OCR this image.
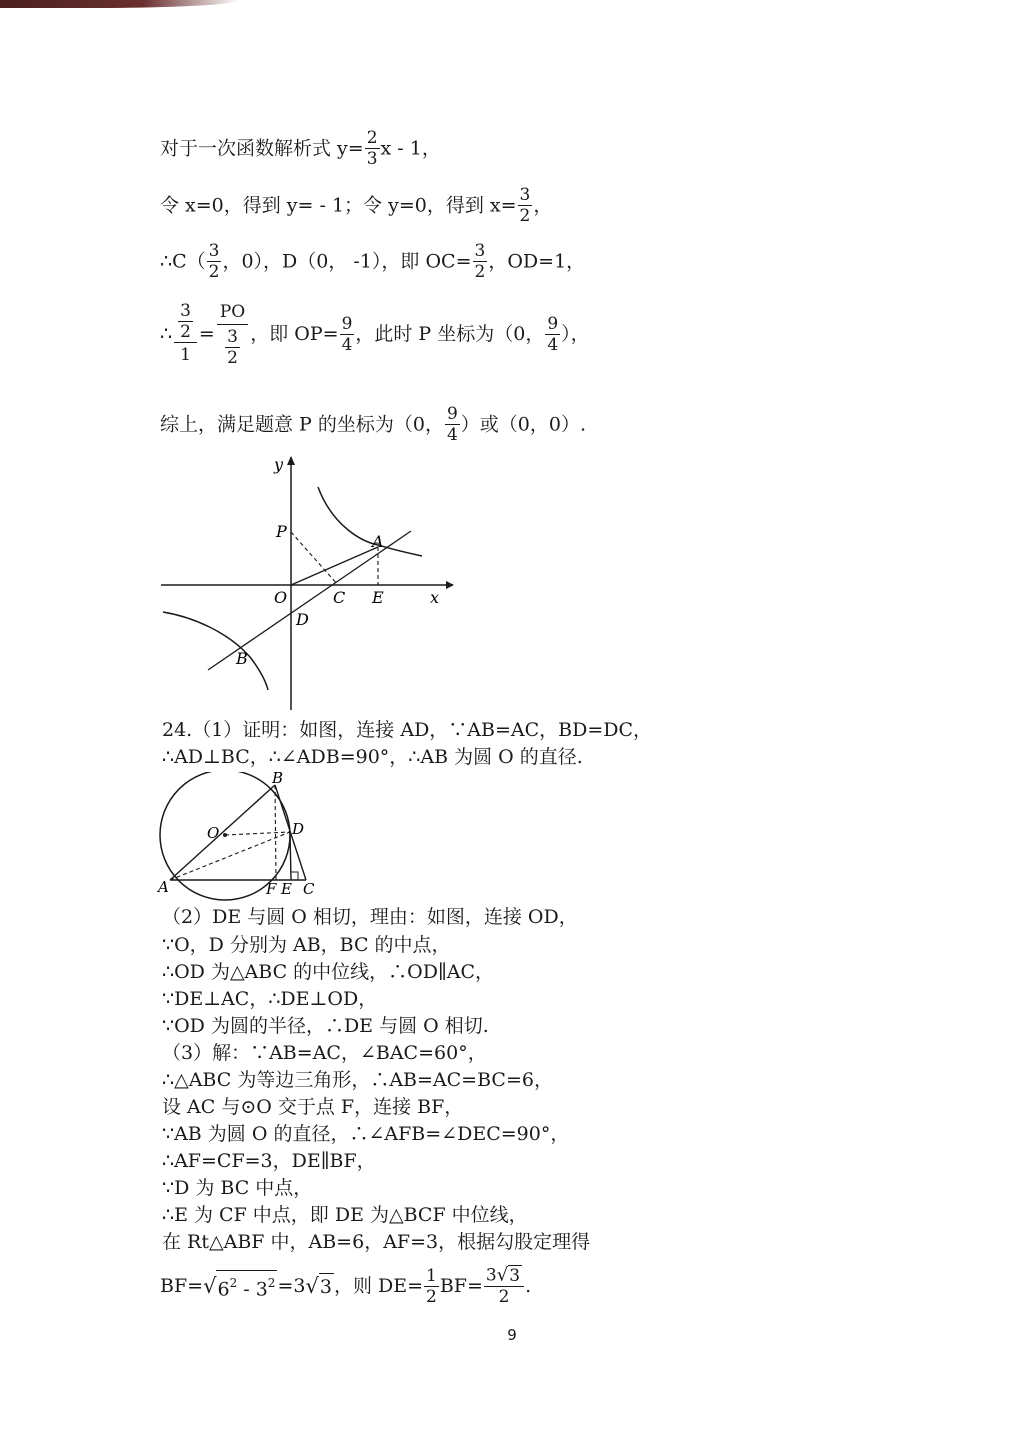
对于一次函数解析式 $y= \frac{2}{3}$ x - 1，
令 x=0，得到 y= - 1；令 y=0，得到 $x= \frac{3}{2}$ ，
∴C（ $\frac{3}{2}$ ，0），D（0， -1），即 $OC= \frac{3}{2}$ ，OD=1，
∴ $\frac{\frac{3}{2}}{1} = \frac{PO}{\frac{3}{2}}$ ，即 $OP= \frac{9}{4}$ ，此时 P 坐标为（0， $\frac{9}{4}$ ），
综上，满足题意 P 的坐标为（0， $\frac{9}{4}$ ）或（0，0）.
y
x
P
A
O	C E
D
B
24.（1）证明：如图，连接 AD，∵AB=AC，BD=DC，
∴AD⊥BC，∴∠ADB=90°，∴AB 为圆 O 的直径.
B
O	D
A	F E C
（2）DE 与圆 O 相切，理由：如图，连接 OD，
∵O，D 分别为 AB，BC 的中点，
∴OD 为△ABC 的中位线，∴OD∥AC，
∵DE⊥AC，∴DE⊥OD，
∵OD 为圆的半径，∴DE 与圆 O 相切.
（3）解：∵AB=AC，∠BAC=60°，
∴△ABC 为等边三角形，∴AB=AC=BC=6，
设 AC 与⊙O 交于点 F，连接 BF，
∵AB 为圆 O 的直径，∴∠AFB=∠DEC=90°，
∴AF=CF=3，DE∥BF，
∵D 为 BC 中点，
∴E 为 CF 中点，即 DE 为△BCF 中位线，
在 Rt△ABF 中，AB=6，AF=3，根据勾股定理得
$BF=√6^2 - 3^2 =3√3$ ，则 $DE= \frac{1}{2} BF= \frac{3√3}{2}$ .
9
